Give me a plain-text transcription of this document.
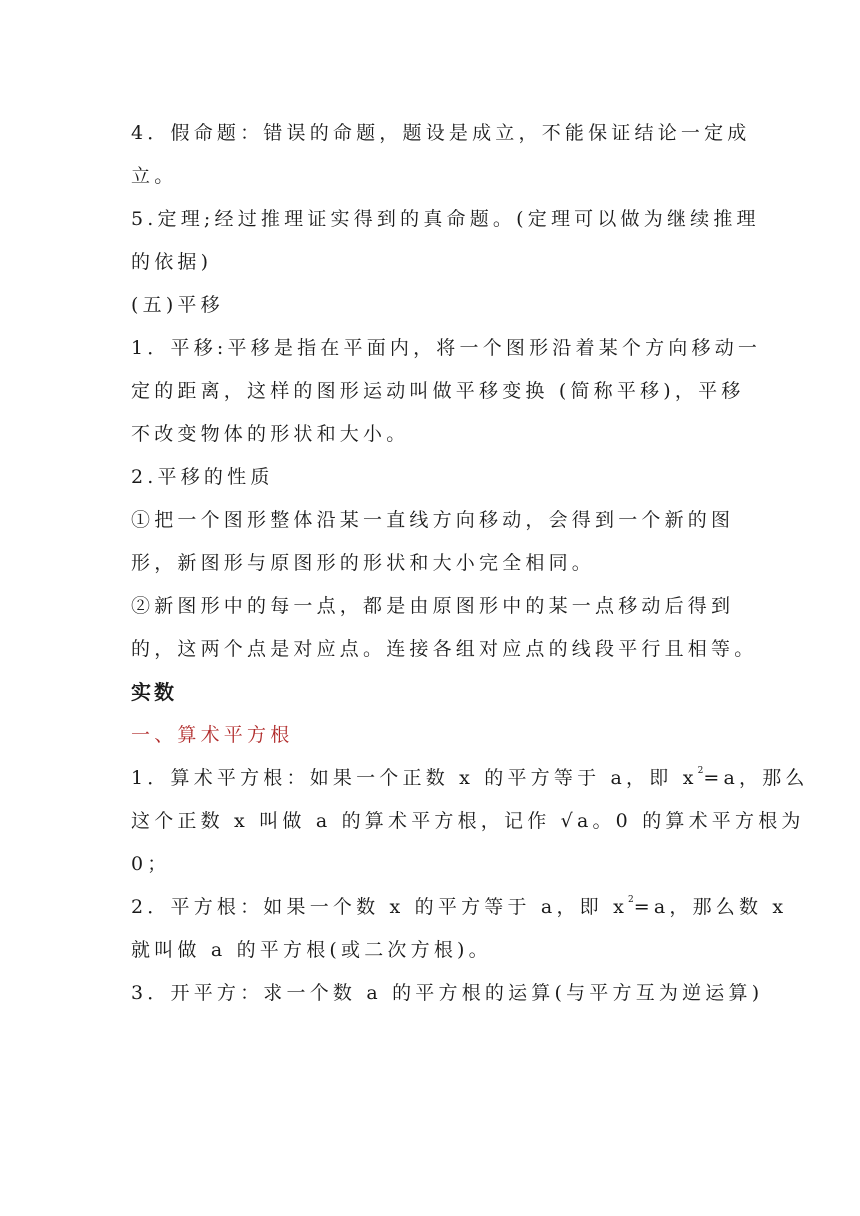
4．假命题：错误的命题，题设是成立，不能保证结论一定成
立。
5.定理;经过推理证实得到的真命题。(定理可以做为继续推理
的依据)
(五)平移
1．平移:平移是指在平面内，将一个图形沿着某个方向移动一
定的距离，这样的图形运动叫做平移变换 (简称平移)，平移
不改变物体的形状和大小。
2.平移的性质
①把一个图形整体沿某一直线方向移动，会得到一个新的图
形，新图形与原图形的形状和大小完全相同。
②新图形中的每一点，都是由原图形中的某一点移动后得到
的，这两个点是对应点。连接各组对应点的线段平行且相等。
实数
一、算术平方根
1．算术平方根：如果一个正数 x 的平方等于 a，即 $x^2=a$，那么
这个正数 x 叫做 a 的算术平方根，记作 √a。0 的算术平方根为
0；
2．平方根：如果一个数 x 的平方等于 a，即 $x^2=a$，那么数 x
就叫做 a 的平方根(或二次方根)。
3．开平方：求一个数 a 的平方根的运算(与平方互为逆运算)
